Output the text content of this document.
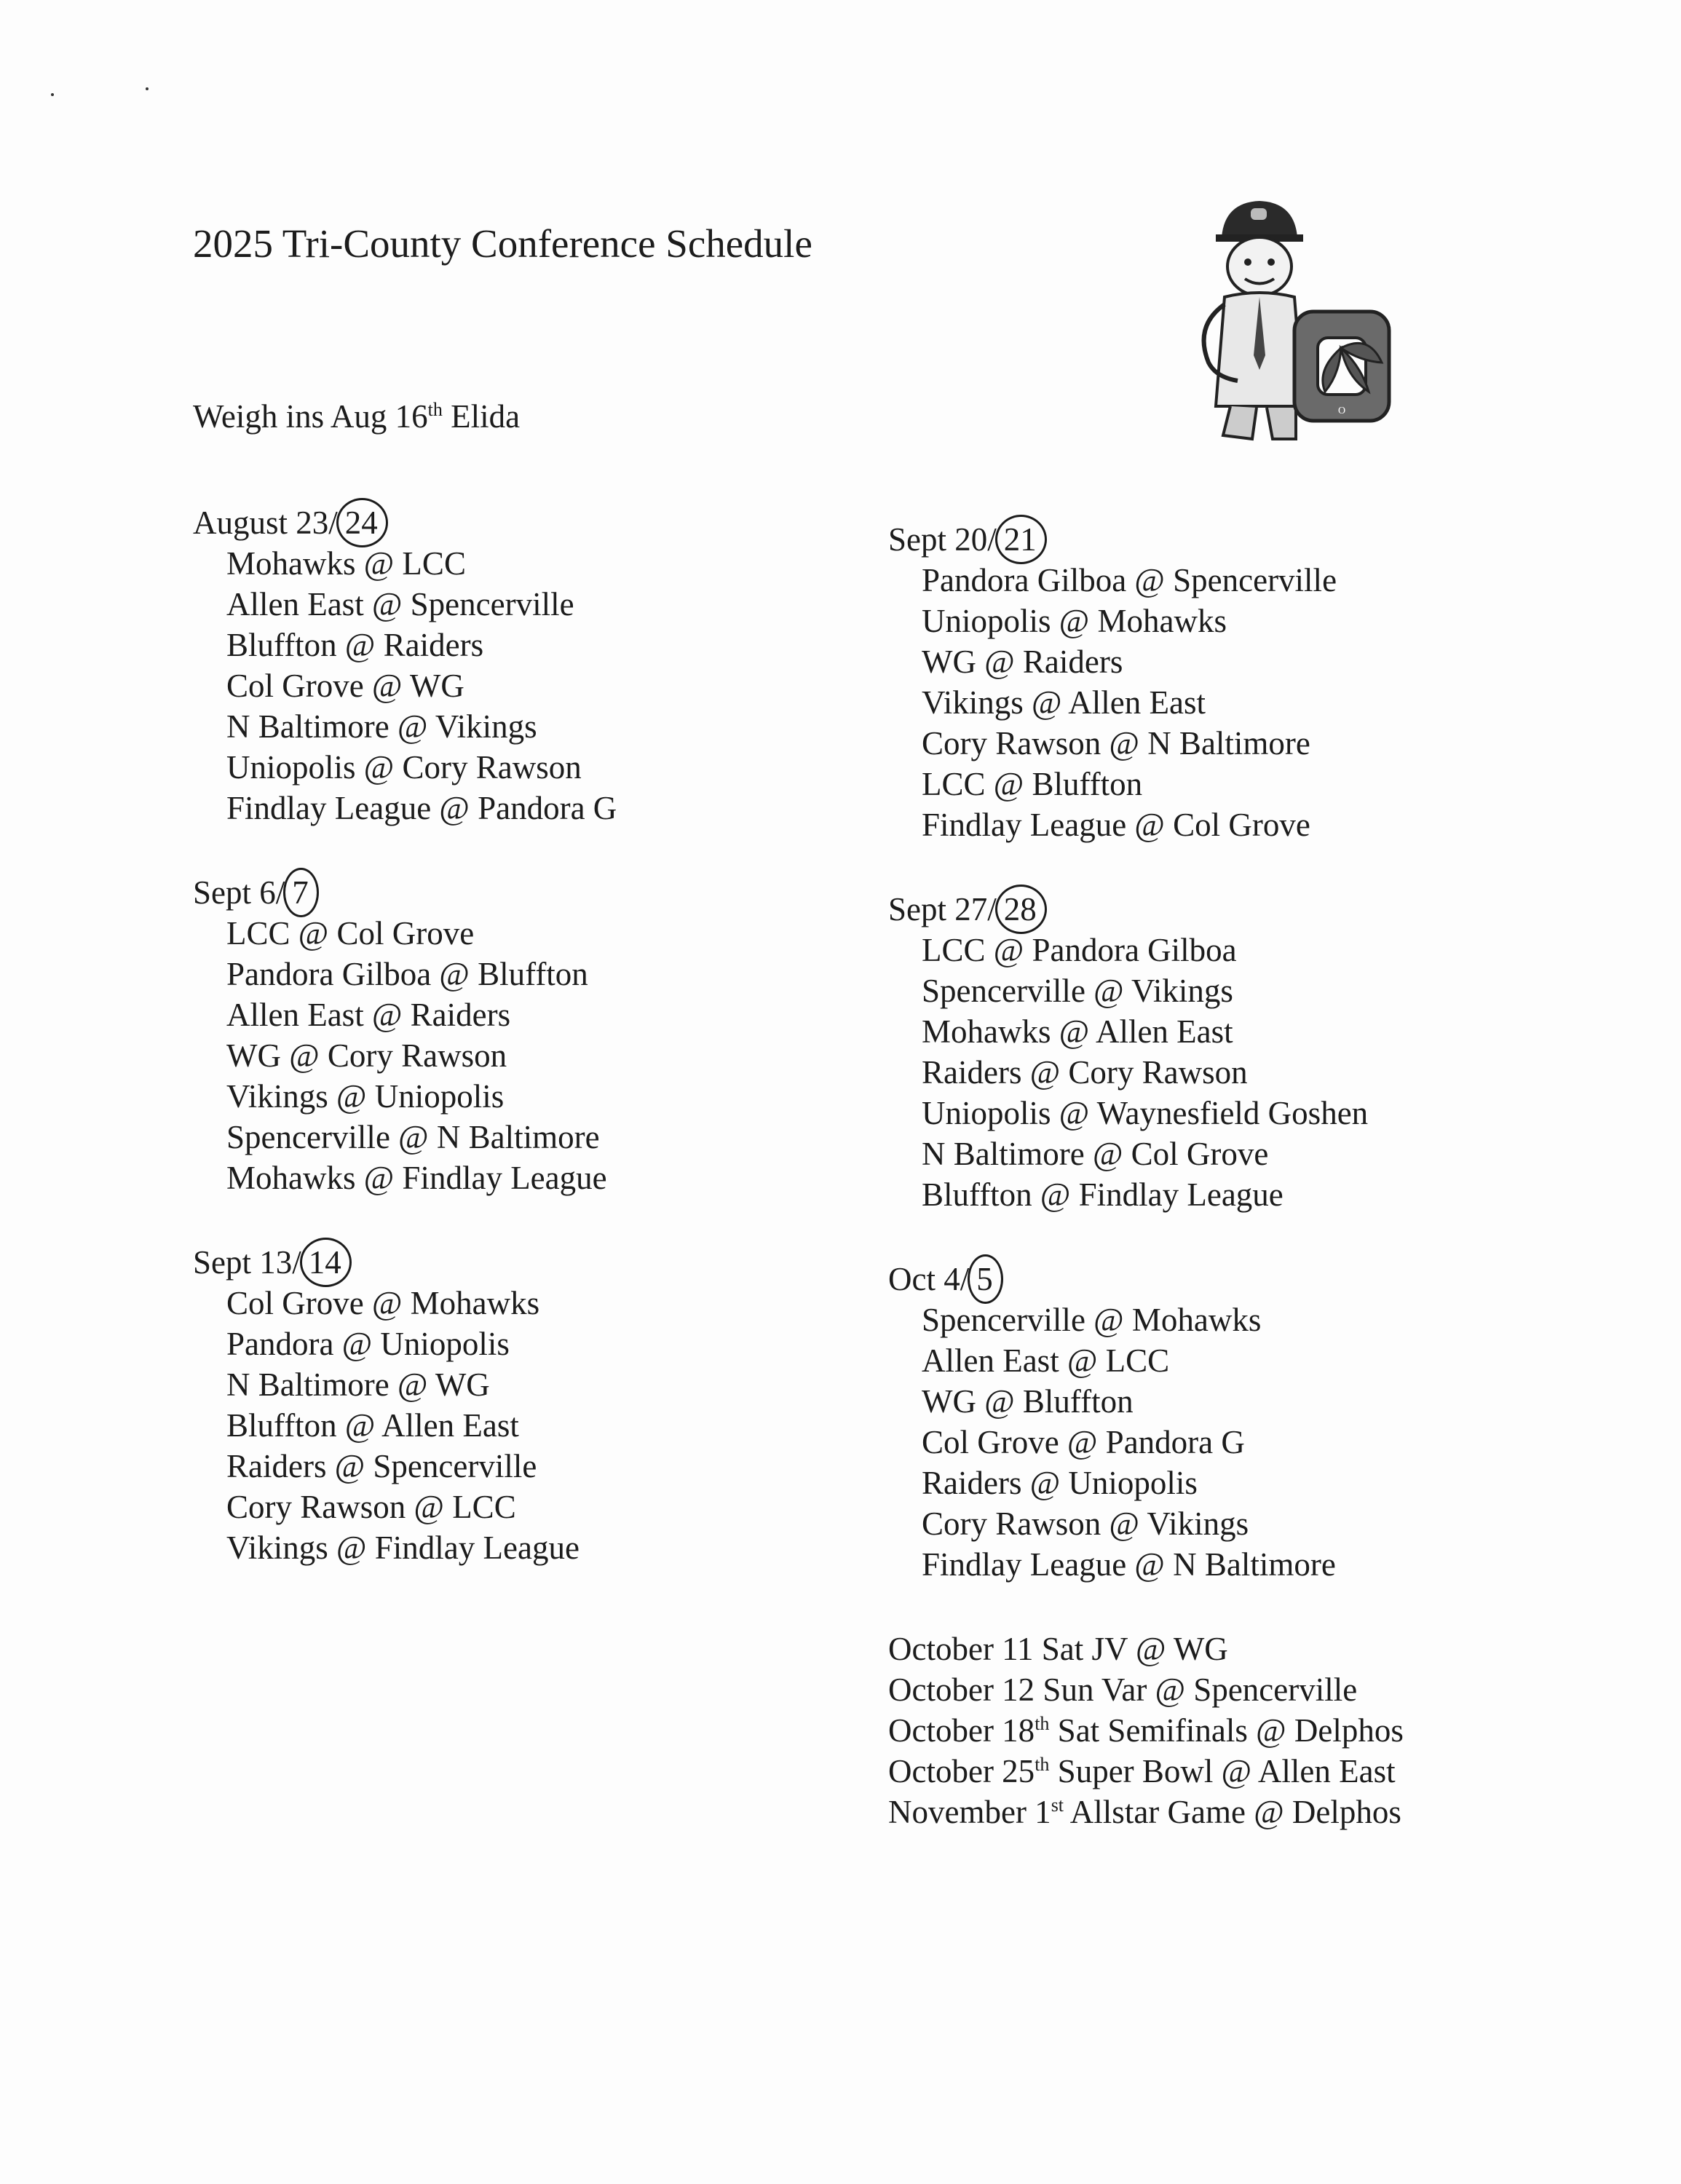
2025 Tri-County Conference Schedule
Weigh ins Aug 16th Elida	O
August 23/ 24
Mohawks @ LCC
Allen East @ Spencerville
Bluffton @ Raiders
Col Grove @ WG
N Baltimore @ Vikings
Uniopolis @ Cory Rawson
Findlay League @ Pandora G
Sept 6/ 7
LCC @ Col Grove
Pandora Gilboa @ Bluffton
Allen East @ Raiders
WG @ Cory Rawson
Vikings @ Uniopolis
Spencerville @ N Baltimore
Mohawks @ Findlay League
Sept 13/ 14
Col Grove @ Mohawks
Pandora @ Uniopolis
N Baltimore @ WG
Bluffton @ Allen East
Raiders @ Spencerville
Cory Rawson @ LCC
Vikings @ Findlay League
Sept 20/ 21
Pandora Gilboa @ Spencerville
Uniopolis @ Mohawks
WG @ Raiders
Vikings @ Allen East
Cory Rawson @ N Baltimore
LCC @ Bluffton
Findlay League @ Col Grove
Sept 27/ 28
LCC @ Pandora Gilboa
Spencerville @ Vikings
Mohawks @ Allen East
Raiders @ Cory Rawson
Uniopolis @ Waynesfield Goshen
N Baltimore @ Col Grove
Bluffton @ Findlay League
Oct 4/ 5
Spencerville @ Mohawks
Allen East @ LCC
WG @ Bluffton
Col Grove @ Pandora G
Raiders @ Uniopolis
Cory Rawson @ Vikings
Findlay League @ N Baltimore
October 11 Sat JV @ WG
October 12 Sun Var @ Spencerville
October 18th Sat Semifinals @ Delphos
October 25th Super Bowl @ Allen East
November 1st Allstar Game @ Delphos
